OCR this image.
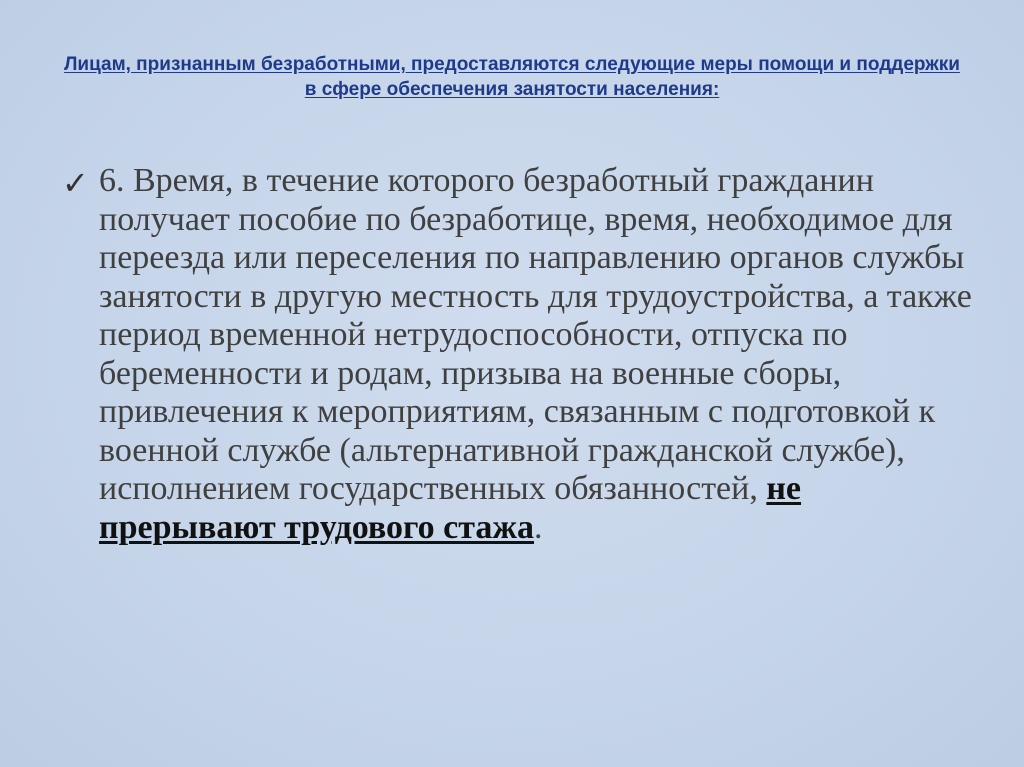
Лицам, признанным безработными, предоставляются следующие меры помощи и поддержки в сфере обеспечения занятости населения:
✓ 6. Время, в течение которого безработный гражданин получает пособие по безработице, время, необходимое для переезда или переселения по направлению органов службы занятости в другую местность для трудоустройства, а также период временной нетрудоспособности, отпуска по беременности и родам, призыва на военные сборы, привлечения к мероприятиям, связанным с подготовкой к военной службе (альтернативной гражданской службе), исполнением государственных обязанностей, не прерывают трудового стажа.
